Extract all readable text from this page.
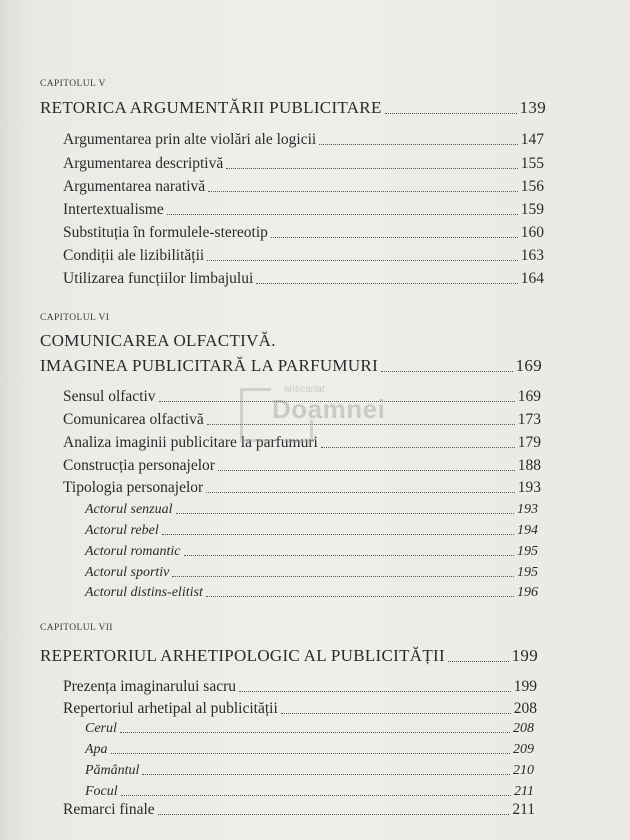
CAPITOLUL V
RETORICA ARGUMENTĂRII PUBLICITARE	139
Argumentarea prin alte violări ale logicii	147
Argumentarea descriptivă	155
Argumentarea narativă	156
Intertextualisme	159
Substituția în formulele-stereotip	160
Condiții ale lizibilității	163
Utilizarea funcțiilor limbajului	164
CAPITOLUL VI
COMUNICAREA OLFACTIVĂ.
IMAGINEA PUBLICITARĂ LA PARFUMURI	169
Sensul olfactiv	169
Comunicarea olfactivă	173
Analiza imaginii publicitare la parfumuri	179
Construcția personajelor	188
Tipologia personajelor	193
Actorul senzual	193
Actorul rebel	194
Actorul romantic	195
Actorul sportiv	195
Actorul distins-elitist	196
CAPITOLUL VII
REPERTORIUL ARHETIPOLOGIC AL PUBLICITĂȚII	199
Prezența imaginarului sacru	199
Repertoriul arhetipal al publicității	208
Cerul	208
Apa	209
Pământul	210
Focul	211
Remarci finale	211
anticariat
Doamnei
